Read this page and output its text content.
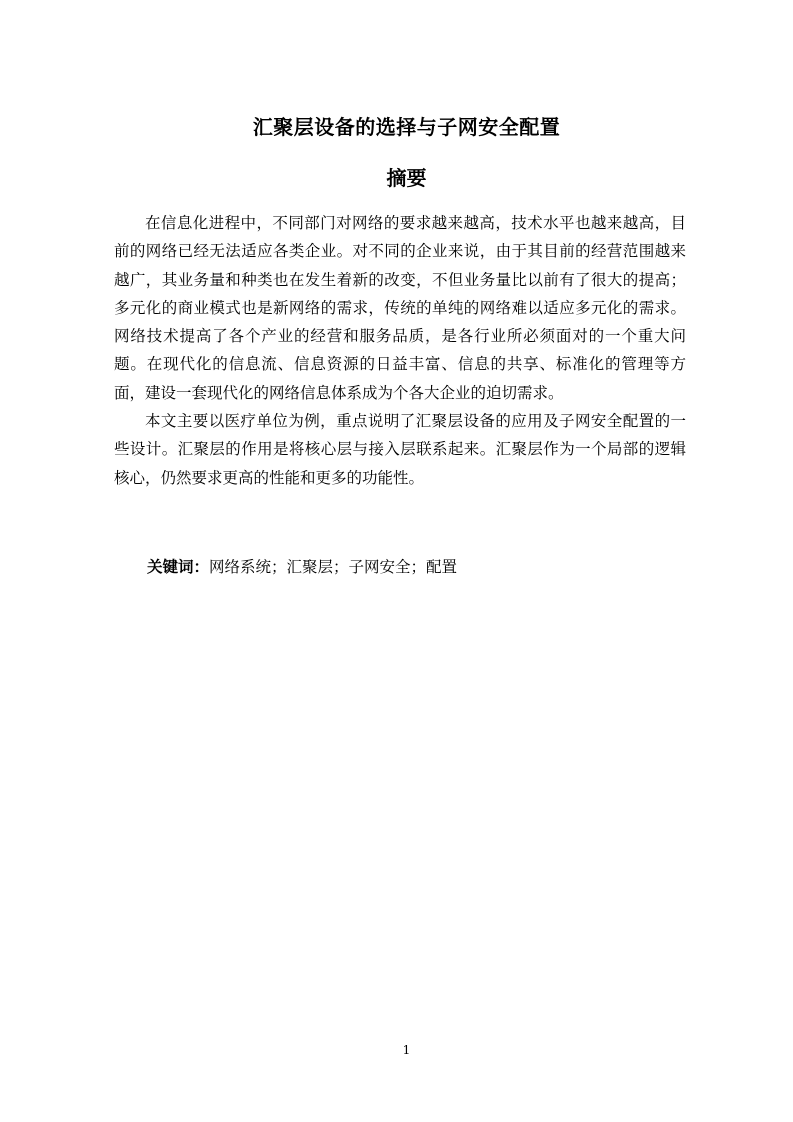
汇聚层设备的选择与子网安全配置
摘要

在信息化进程中，不同部门对网络的要求越来越高，技术水平也越来越高，目前的网络已经无法适应各类企业。对不同的企业来说，由于其目前的经营范围越来越广，其业务量和种类也在发生着新的改变，不但业务量比以前有了很大的提高；多元化的商业模式也是新网络的需求，传统的单纯的网络难以适应多元化的需求。网络技术提高了各个产业的经营和服务品质，是各行业所必须面对的一个重大问题。在现代化的信息流、信息资源的日益丰富、信息的共享、标准化的管理等方面，建设一套现代化的网络信息体系成为个各大企业的迫切需求。

本文主要以医疗单位为例，重点说明了汇聚层设备的应用及子网安全配置的一些设计。汇聚层的作用是将核心层与接入层联系起来。汇聚层作为一个局部的逻辑核心，仍然要求更高的性能和更多的功能性。

关键词：网络系统；汇聚层；子网安全；配置
1
